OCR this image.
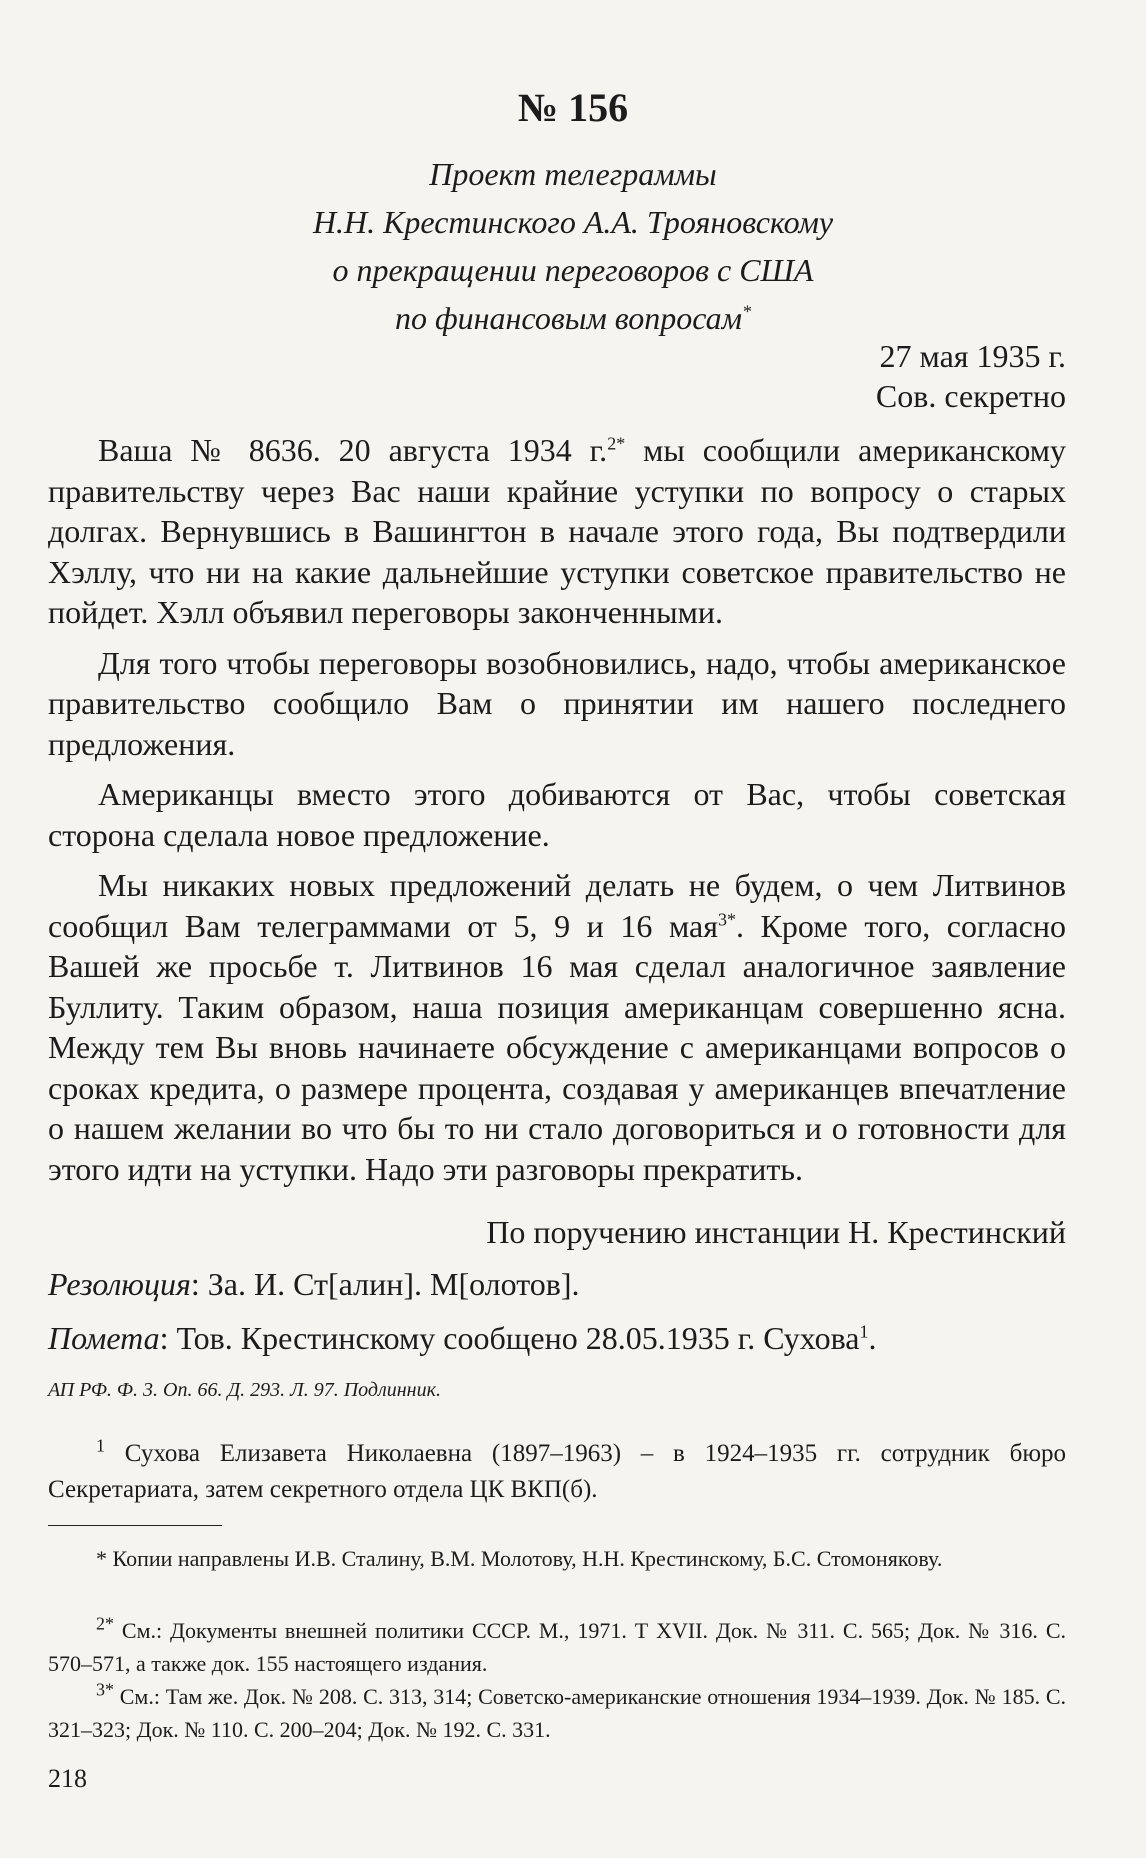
№ 156
Проект телеграммы
Н.Н. Крестинского А.А. Трояновскому
о прекращении переговоров с США
по финансовым вопросам*
27 мая 1935 г.
Сов. секретно

Ваша № 8636. 20 августа 1934 г.$^{2*}$ мы сообщили американскому правительству через Вас наши крайние уступки по вопросу о старых долгах. Вернувшись в Вашингтон в начале этого года, Вы подтвердили Хэллу, что ни на какие дальнейшие уступки советское правительство не пойдет. Хэлл объявил переговоры законченными.

Для того чтобы переговоры возобновились, надо, чтобы американское правительство сообщило Вам о принятии им нашего последнего предложения.

Американцы вместо этого добиваются от Вас, чтобы советская сторона сделала новое предложение.

Мы никаких новых предложений делать не будем, о чем Литвинов сообщил Вам телеграммами от 5, 9 и 16 мая$^{3*}$. Кроме того, согласно Вашей же просьбе т. Литвинов 16 мая сделал аналогичное заявление Буллиту. Таким образом, наша позиция американцам совершенно ясна. Между тем Вы вновь начинаете обсуждение с американцами вопросов о сроках кредита, о размере процента, создавая у американцев впечатление о нашем желании во что бы то ни стало договориться и о готовности для этого идти на уступки. Надо эти разговоры прекратить.

По поручению инстанции Н. Крестинский
Резолюция: За. И. Ст[алин]. М[олотов].
Помета: Тов. Крестинскому сообщено 28.05.1935 г. Сухова$^1$.
АП РФ. Ф. 3. Оп. 66. Д. 293. Л. 97. Подлинник.
$^1$ Сухова Елизавета Николаевна (1897–1963) – в 1924–1935 гг. сотрудник бюро Секретариата, затем секретного отдела ЦК ВКП(б).
* Копии направлены И.В. Сталину, В.М. Молотову, Н.Н. Крестинскому, Б.С. Стомонякову.
$^{2*}$ См.: Документы внешней политики СССР. М., 1971. Т XVII. Док. № 311. С. 565; Док. № 316. С. 570–571, а также док. 155 настоящего издания.
$^{3*}$ См.: Там же. Док. № 208. С. 313, 314; Советско-американские отношения 1934–1939. Док. № 185. С. 321–323; Док. № 110. С. 200–204; Док. № 192. С. 331.
218
